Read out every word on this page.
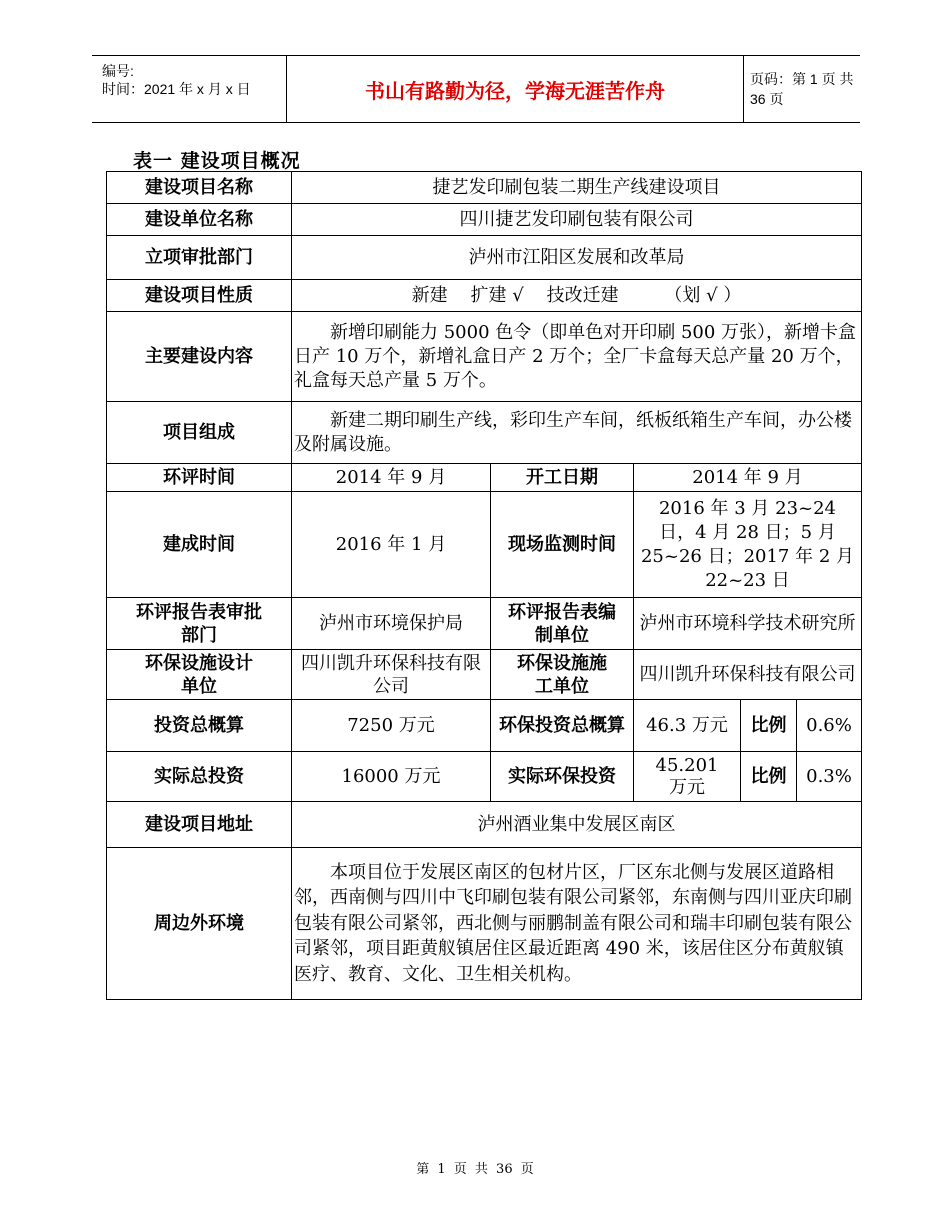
编号:
时间：2021 年 x 月 x 日	书山有路勤为径，学海无涯苦作舟	页码：第 1 页 共 36 页
表一 建设项目概况
建设项目名称	捷艺发印刷包装二期生产线建设项目				
建设单位名称	四川捷艺发印刷包装有限公司				
立项审批部门	泸州市江阳区发展和改革局				
建设项目性质	新建    扩建 √    技改迁建        （划 √ ）				
主要建设内容	新增印刷能力 5000 色令（即单色对开印刷 500 万张），新增卡盒日产 10 万个，新增礼盒日产 2 万个；全厂卡盒每天总产量 20 万个，礼盒每天总产量 5 万个。				
项目组成	新建二期印刷生产线，彩印生产车间，纸板纸箱生产车间，办公楼及附属设施。				
环评时间	2014 年 9 月	开工日期	2014 年 9 月		
建成时间	2016 年 1 月	现场监测时间	2016 年 3 月 23~24 日，4 月 28 日；5 月 25~26 日；2017 年 2 月 22~23 日		
环评报告表审批部门	泸州市环境保护局	环评报告表编制单位	泸州市环境科学技术研究所		
环保设施设计单位	四川凯升环保科技有限公司	环保设施施工单位	四川凯升环保科技有限公司		
投资总概算	7250 万元	环保投资总概算	46.3 万元	比例	0.6%
实际总投资	16000 万元	实际环保投资	45.201 万元	比例	0.3%
建设项目地址	泸州酒业集中发展区南区				
周边外环境	本项目位于发展区南区的包材片区，厂区东北侧与发展区道路相邻，西南侧与四川中飞印刷包装有限公司紧邻，东南侧与四川亚庆印刷包装有限公司紧邻，西北侧与丽鹏制盖有限公司和瑞丰印刷包装有限公司紧邻，项目距黄舣镇居住区最近距离 490 米，该居住区分布黄舣镇医疗、教育、文化、卫生相关机构。				
第 1 页 共 36 页
